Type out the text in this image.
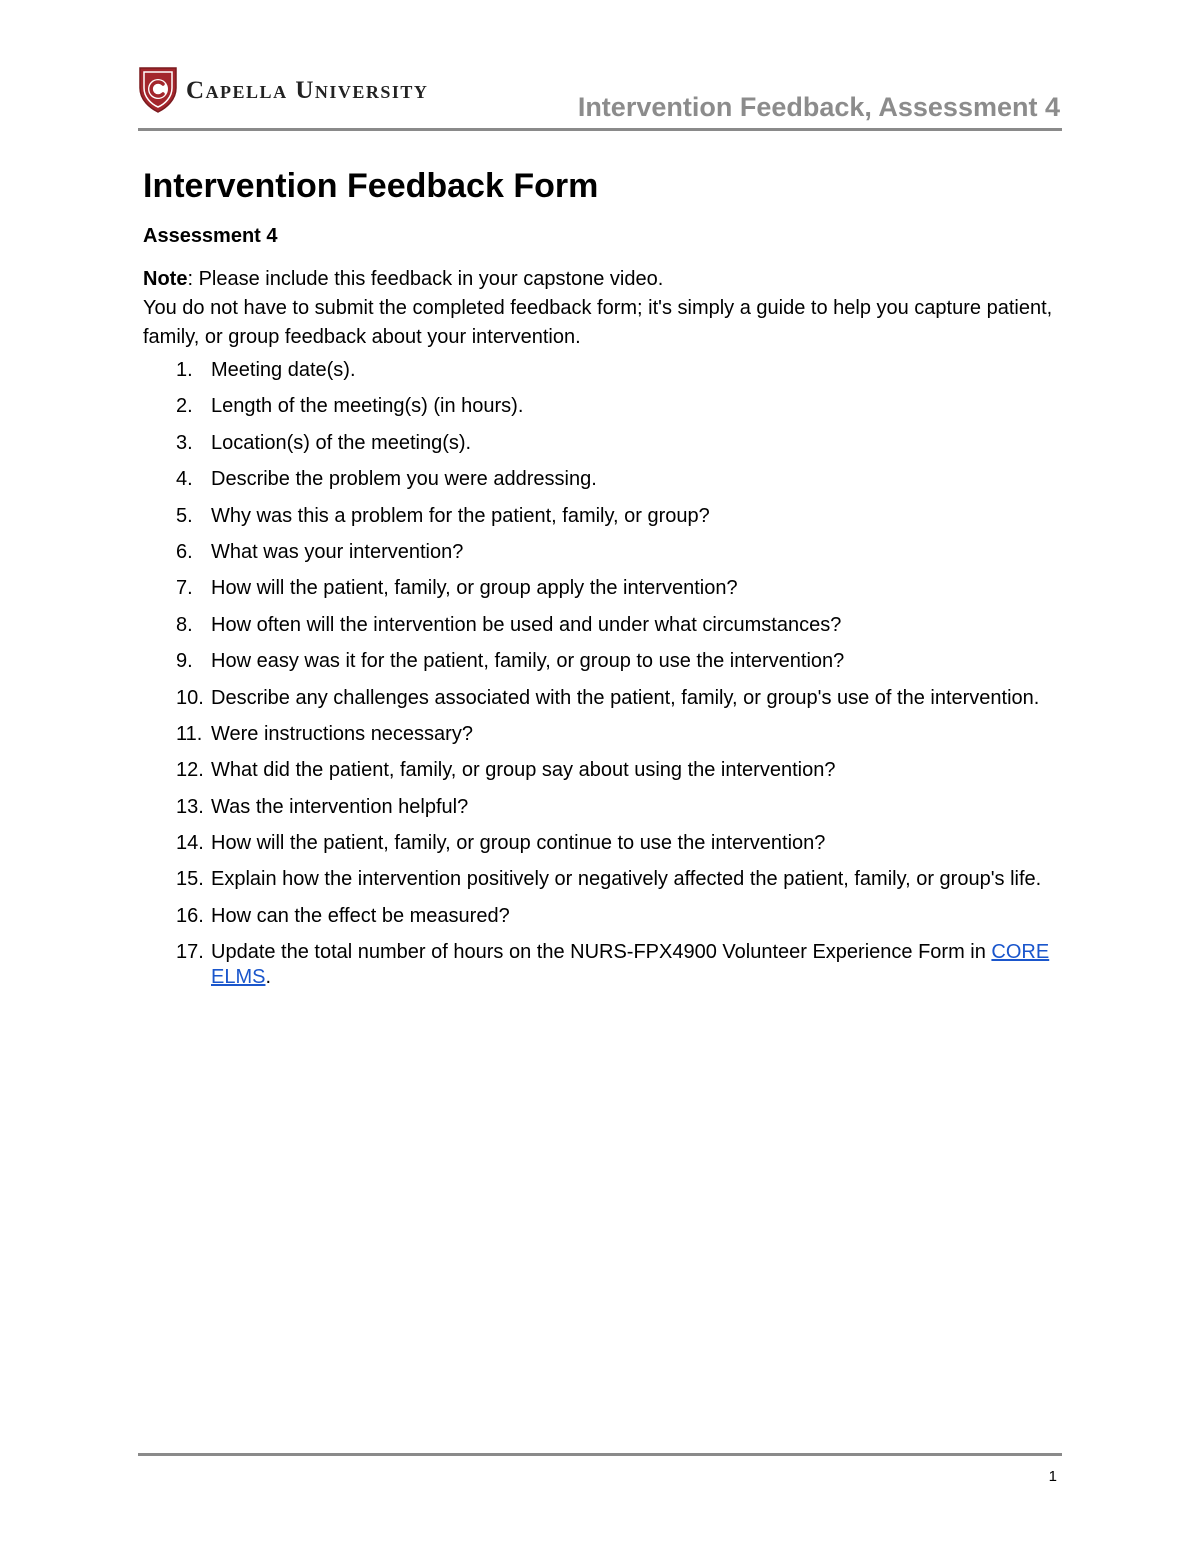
Capella University
Intervention Feedback, Assessment 4
Intervention Feedback Form
Assessment 4

Note: Please include this feedback in your capstone video.

You do not have to submit the completed feedback form; it's simply a guide to help you capture patient, family, or group feedback about your intervention.

1. Meeting date(s).
2. Length of the meeting(s) (in hours).
3. Location(s) of the meeting(s).
4. Describe the problem you were addressing.
5. Why was this a problem for the patient, family, or group?
6. What was your intervention?
7. How will the patient, family, or group apply the intervention?
8. How often will the intervention be used and under what circumstances?
9. How easy was it for the patient, family, or group to use the intervention?
10. Describe any challenges associated with the patient, family, or group's use of the intervention.
11. Were instructions necessary?
12. What did the patient, family, or group say about using the intervention?
13. Was the intervention helpful?
14. How will the patient, family, or group continue to use the intervention?
15. Explain how the intervention positively or negatively affected the patient, family, or group's life.
16. How can the effect be measured?
17. Update the total number of hours on the NURS-FPX4900 Volunteer Experience Form in CORE ELMS.
1
